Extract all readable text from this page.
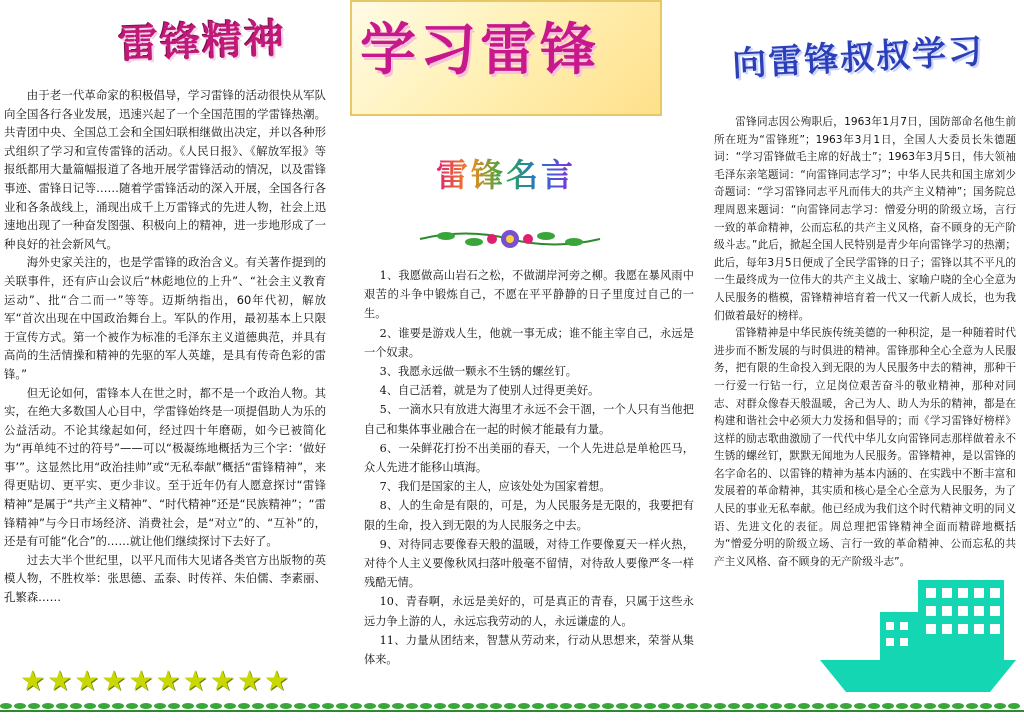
雷锋精神

由于老一代革命家的积极倡导，学习雷锋的活动很快从军队向全国各行各业发展，迅速兴起了一个全国范围的学雷锋热潮。共青团中央、全国总工会和全国妇联相继做出决定，并以各种形式组织了学习和宣传雷锋的活动。《人民日报》、《解放军报》等报纸都用大量篇幅报道了各地开展学雷锋活动的情况，以及雷锋事迹、雷锋日记等……随着学雷锋活动的深入开展，全国各行各业和各条战线上，涌现出成千上万雷锋式的先进人物，社会上迅速地出现了一种奋发图强、积极向上的精神，进一步地形成了一种良好的社会新风气。

海外史家关注的，也是学雷锋的政治含义。有关著作提到的关联事件，还有庐山会议后“林彪地位的上升”、“社会主义教育运动”、批“合二而一”等等。迈斯纳指出，60年代初，解放军“首次出现在中国政治舞台上。军队的作用，最初基本上只限于宣传方式。第一个被作为标准的毛泽东主义道德典范，并具有高尚的生活情操和精神的先驱的军人英雄，是具有传奇色彩的雷锋。”

但无论如何，雷锋本人在世之时，都不是一个政治人物。其实，在绝大多数国人心目中，学雷锋始终是一项提倡助人为乐的公益活动。不论其缘起如何，经过四十年磨砺，如今已被简化为“再单纯不过的符号”——可以“极凝练地概括为三个字：‘做好事’”。这显然比用“政治挂帅”或“无私奉献”概括“雷锋精神”，来得更贴切、更平实、更少非议。至于近年仍有人愿意探讨“雷锋精神”是属于“共产主义精神”、“时代精神”还是“民族精神”；“雷锋精神”与今日市场经济、消费社会，是“对立”的、“互补”的，还是有可能“化合”的……就让他们继续探讨下去好了。

过去大半个世纪里，以平凡而伟大见诸各类官方出版物的英模人物，不胜枚举：张思德、孟泰、时传祥、朱伯儒、李素丽、孔繁森……

★★★★★★★★★★
学习雷锋
雷锋名言

1、我愿做高山岩石之松，不做湖岸河旁之柳。我愿在暴风雨中艰苦的斗争中锻炼自己，不愿在平平静静的日子里度过自己的一生。

2、谁要是游戏人生，他就一事无成；谁不能主宰自己，永远是一个奴隶。

3、我愿永远做一颗永不生锈的螺丝钉。

4、自己活着，就是为了使别人过得更美好。

5、一滴水只有放进大海里才永远不会干涸，一个人只有当他把自己和集体事业融合在一起的时候才能最有力量。

6、一朵鲜花打扮不出美丽的春天，一个人先进总是单枪匹马，众人先进才能移山填海。

7、我们是国家的主人，应该处处为国家着想。

8、人的生命是有限的，可是，为人民服务是无限的，我要把有限的生命，投入到无限的为人民服务之中去。

9、对待同志要像春天般的温暖，对待工作要像夏天一样火热，对待个人主义要像秋风扫落叶般毫不留情，对待敌人要像严冬一样残酷无情。

10、青春啊，永远是美好的，可是真正的青春，只属于这些永远力争上游的人，永远忘我劳动的人，永远谦虚的人。

11、力量从团结来，智慧从劳动来，行动从思想来，荣誉从集体来。

向雷锋叔叔学习

雷锋同志因公殉职后，1963年1月7日，国防部命名他生前所在班为“雷锋班”；1963年3月1日，全国人大委员长朱德题词：“学习雷锋做毛主席的好战士”；1963年3月5日，伟大领袖毛泽东亲笔题词：“向雷锋同志学习”；中华人民共和国主席刘少奇题词：“学习雷锋同志平凡而伟大的共产主义精神”；国务院总理周恩来题词：“向雷锋同志学习：憎爱分明的阶级立场，言行一致的革命精神，公而忘私的共产主义风格，奋不顾身的无产阶级斗志。”此后，掀起全国人民特别是青少年向雷锋学习的热潮；此后，每年3月5日便成了全民学雷锋的日子；雷锋以其不平凡的一生最终成为一位伟大的共产主义战士、家喻户晓的全心全意为人民服务的楷模，雷锋精神培育着一代又一代新人成长，也为我们做着最好的榜样。

雷锋精神是中华民族传统美德的一种积淀，是一种随着时代进步而不断发展的与时俱进的精神。雷锋那种全心全意为人民服务，把有限的生命投入到无限的为人民服务中去的精神，那种干一行爱一行钻一行，立足岗位艰苦奋斗的敬业精神，那种对同志、对群众像春天般温暖，舍己为人、助人为乐的精神，都是在构建和谐社会中必须大力发扬和倡导的；而《学习雷锋好榜样》这样的励志歌曲激励了一代代中华儿女向雷锋同志那样做着永不生锈的螺丝钉，默默无闻地为人民服务。雷锋精神，是以雷锋的名字命名的、以雷锋的精神为基本内涵的、在实践中不断丰富和发展着的革命精神，其实质和核心是全心全意为人民服务，为了人民的事业无私奉献。他已经成为我们这个时代精神文明的同义语、先进文化的表征。周总理把雷锋精神全面而精辟地概括为“憎爱分明的阶级立场、言行一致的革命精神、公而忘私的共产主义风格、奋不顾身的无产阶级斗志”。
